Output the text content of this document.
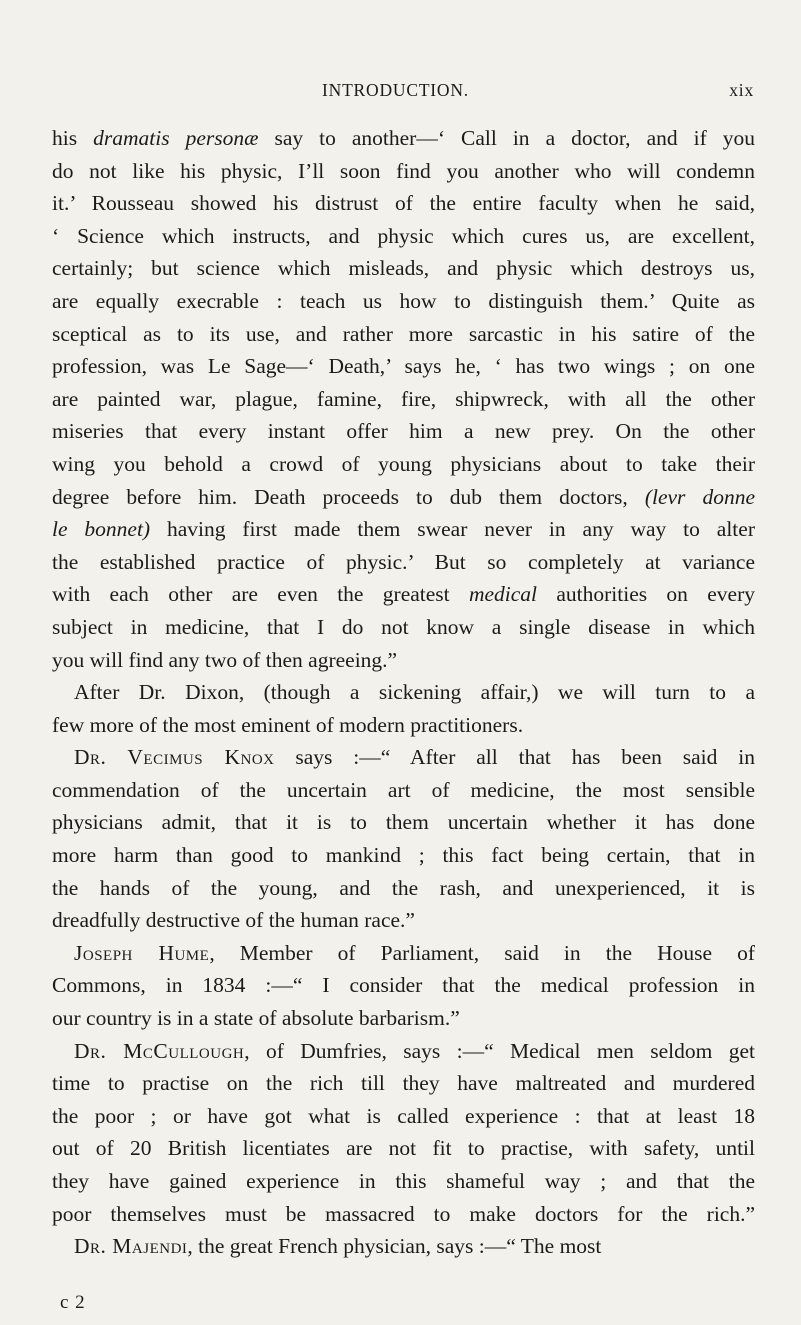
INTRODUCTION.	xix
his dramatis personæ say to another—‘ Call in a doctor, and if you
do not like his physic, I’ll soon find you another who will condemn
it.’ Rousseau showed his distrust of the entire faculty when he said,
‘ Science which instructs, and physic which cures us, are excellent,
certainly; but science which misleads, and physic which destroys us,
are equally execrable : teach us how to distinguish them.’ Quite as
sceptical as to its use, and rather more sarcastic in his satire of the
profession, was Le Sage—‘ Death,’ says he, ‘ has two wings ; on one
are painted war, plague, famine, fire, shipwreck, with all the other
miseries that every instant offer him a new prey. On the other
wing you behold a crowd of young physicians about to take their
degree before him. Death proceeds to dub them doctors, (levr donne
le bonnet) having first made them swear never in any way to alter
the established practice of physic.’ But so completely at variance
with each other are even the greatest medical authorities on every
subject in medicine, that I do not know a single disease in which
you will find any two of then agreeing.”
After Dr. Dixon, (though a sickening affair,) we will turn to a
few more of the most eminent of modern practitioners.
Dr. Vecimus Knox says :—“ After all that has been said in
commendation of the uncertain art of medicine, the most sensible
physicians admit, that it is to them uncertain whether it has done
more harm than good to mankind ; this fact being certain, that in
the hands of the young, and the rash, and unexperienced, it is
dreadfully destructive of the human race.”
Joseph Hume, Member of Parliament, said in the House of
Commons, in 1834 :—“ I consider that the medical profession in
our country is in a state of absolute barbarism.”
Dr. McCullough, of Dumfries, says :—“ Medical men seldom get
time to practise on the rich till they have maltreated and murdered
the poor ; or have got what is called experience : that at least 18
out of 20 British licentiates are not fit to practise, with safety, until
they have gained experience in this shameful way ; and that the
poor themselves must be massacred to make doctors for the rich.”
Dr. Majendi, the great French physician, says :—“ The most
c 2
